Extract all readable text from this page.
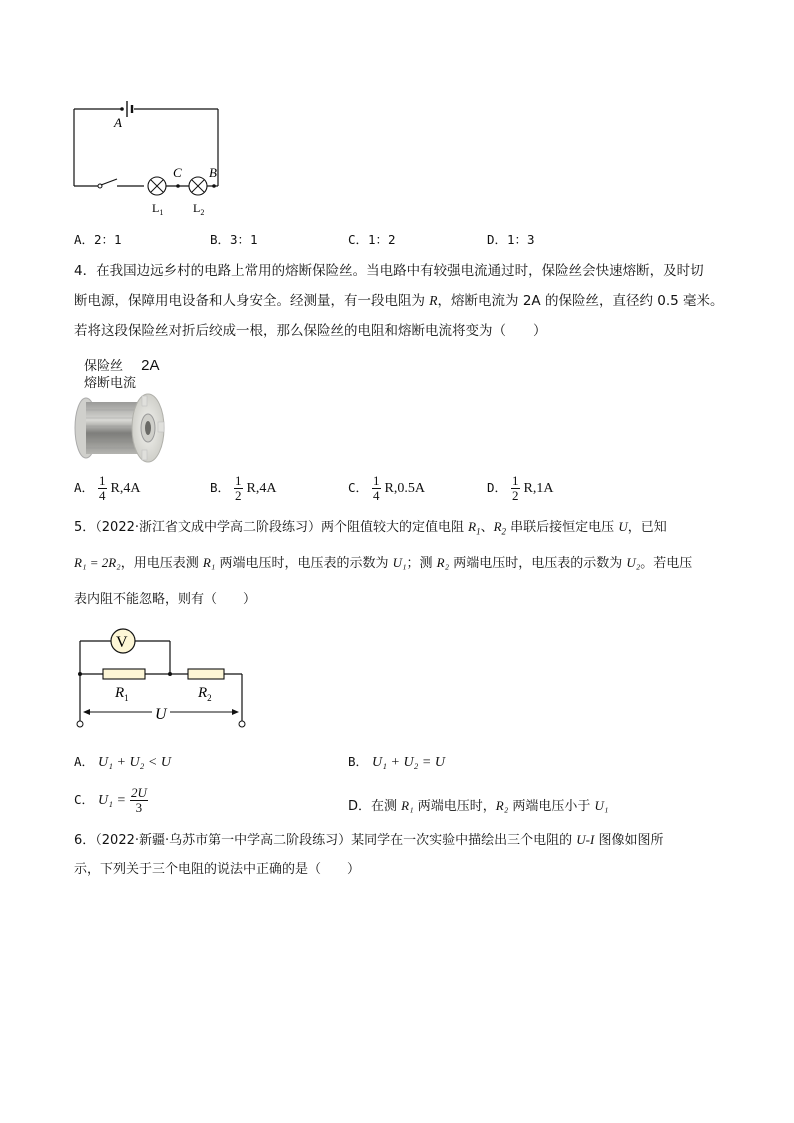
A
C B
$L_1$ $L_2$
A．2：1	B．3：1	C．1：2	D．1：3
4．在我国边远乡村的电路上常用的熔断保险丝。当电路中有较强电流通过时，保险丝会快速熔断，及时切
断电源，保障用电设备和人身安全。经测量，有一段电阻为 R，熔断电流为 2A 的保险丝，直径约 0.5 毫米。
若将这段保险丝对折后绞成一根，那么保险丝的电阻和熔断电流将变为（　　）
保险丝 2A
熔断电流
A． $\frac{1}{4} R,4A$	B． $\frac{1}{2} R,4A$	C． $\frac{1}{4} R,0.5A$	D． $\frac{1}{2} R,1A$
5．（2022·浙江省文成中学高二阶段练习）两个阻值较大的定值电阻 $R_1$、$R_2$ 串联后接恒定电压 U，已知
R₁ = 2R₂，用电压表测 R₁ 两端电压时，电压表的示数为 U₁；测 R₂ 两端电压时，电压表的示数为 U₂。若电压
表内阻不能忽略，则有（　　）
V
U
$R_1$	$R_2$
A． U₁ + U₂ < U	B． U₁ + U₂ = U
C． $U_1 = \frac{2U}{3}$	D．在测 R₁ 两端电压时，R₂ 两端电压小于 U₁
6．（2022·新疆·乌苏市第一中学高二阶段练习）某同学在一次实验中描绘出三个电阻的 U-I 图像如图所
示，下列关于三个电阻的说法中正确的是（　　）
